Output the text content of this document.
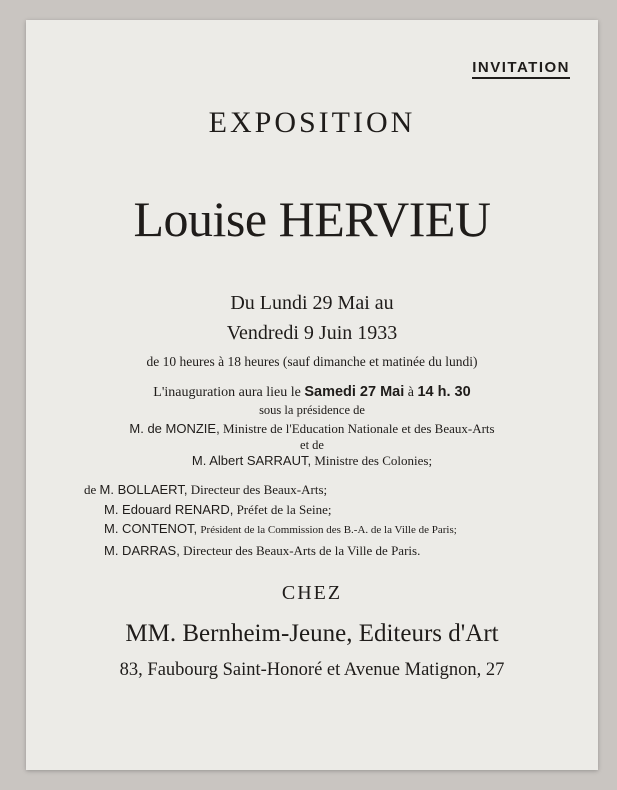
INVITATION
EXPOSITION
Louise HERVIEU
Du Lundi 29 Mai au
Vendredi 9 Juin 1933
de 10 heures à 18 heures (sauf dimanche et matinée du lundi)
L'inauguration aura lieu le Samedi 27 Mai à 14 h. 30
sous la présidence de
M. de MONZIE, Ministre de l'Education Nationale et des Beaux-Arts
et de
M. Albert SARRAUT, Ministre des Colonies;
de M. BOLLAERT, Directeur des Beaux-Arts;
M. Edouard RENARD, Préfet de la Seine;
M. CONTENOT, Président de la Commission des B.-A. de la Ville de Paris;
M. DARRAS, Directeur des Beaux-Arts de la Ville de Paris.
CHEZ
MM. Bernheim-Jeune, Editeurs d'Art
83, Faubourg Saint-Honoré et Avenue Matignon, 27
